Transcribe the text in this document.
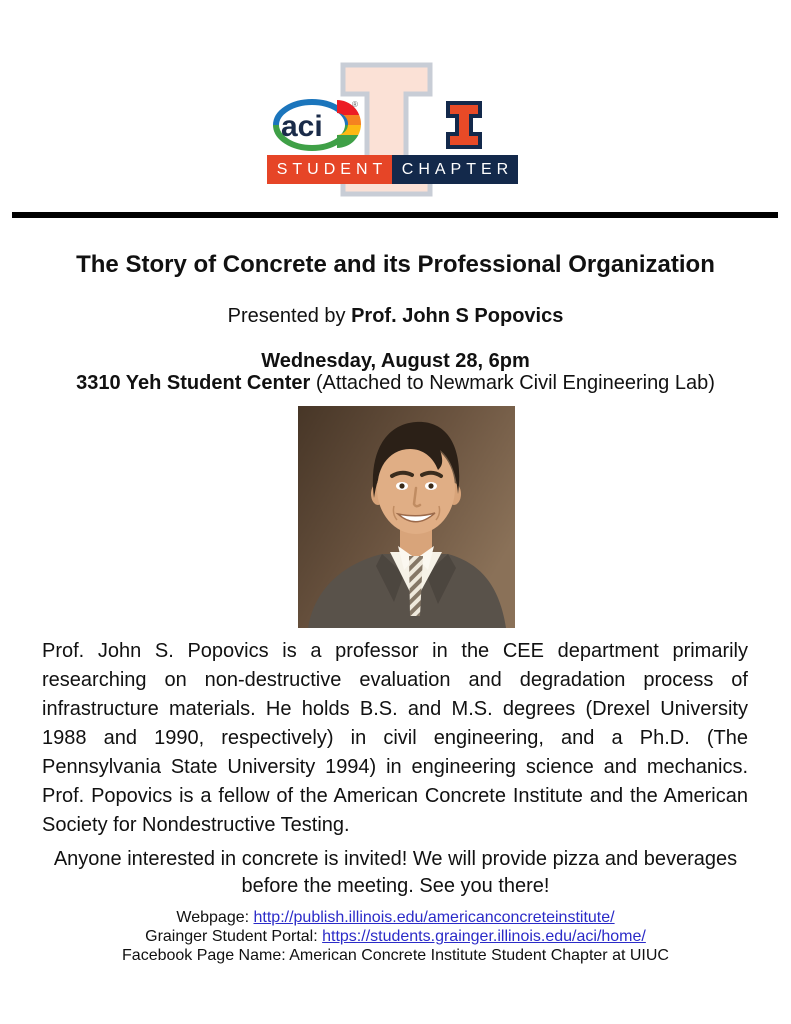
aci
®
STUDENT CHAPTER
The Story of Concrete and its Professional Organization
Presented by Prof. John S Popovics
Wednesday, August 28, 6pm
3310 Yeh Student Center (Attached to Newmark Civil Engineering Lab)
Prof. John S. Popovics is a professor in the CEE department primarily researching on non-destructive evaluation and degradation process of infrastructure materials. He holds B.S. and M.S. degrees (Drexel University 1988 and 1990, respectively) in civil engineering, and a Ph.D. (The Pennsylvania State University 1994) in engineering science and mechanics. Prof. Popovics is a fellow of the American Concrete Institute and the American Society for Nondestructive Testing.
Anyone interested in concrete is invited! We will provide pizza and beverages before the meeting. See you there!
Webpage: http://publish.illinois.edu/americanconcreteinstitute/
Grainger Student Portal: https://students.grainger.illinois.edu/aci/home/
Facebook Page Name: American Concrete Institute Student Chapter at UIUC
